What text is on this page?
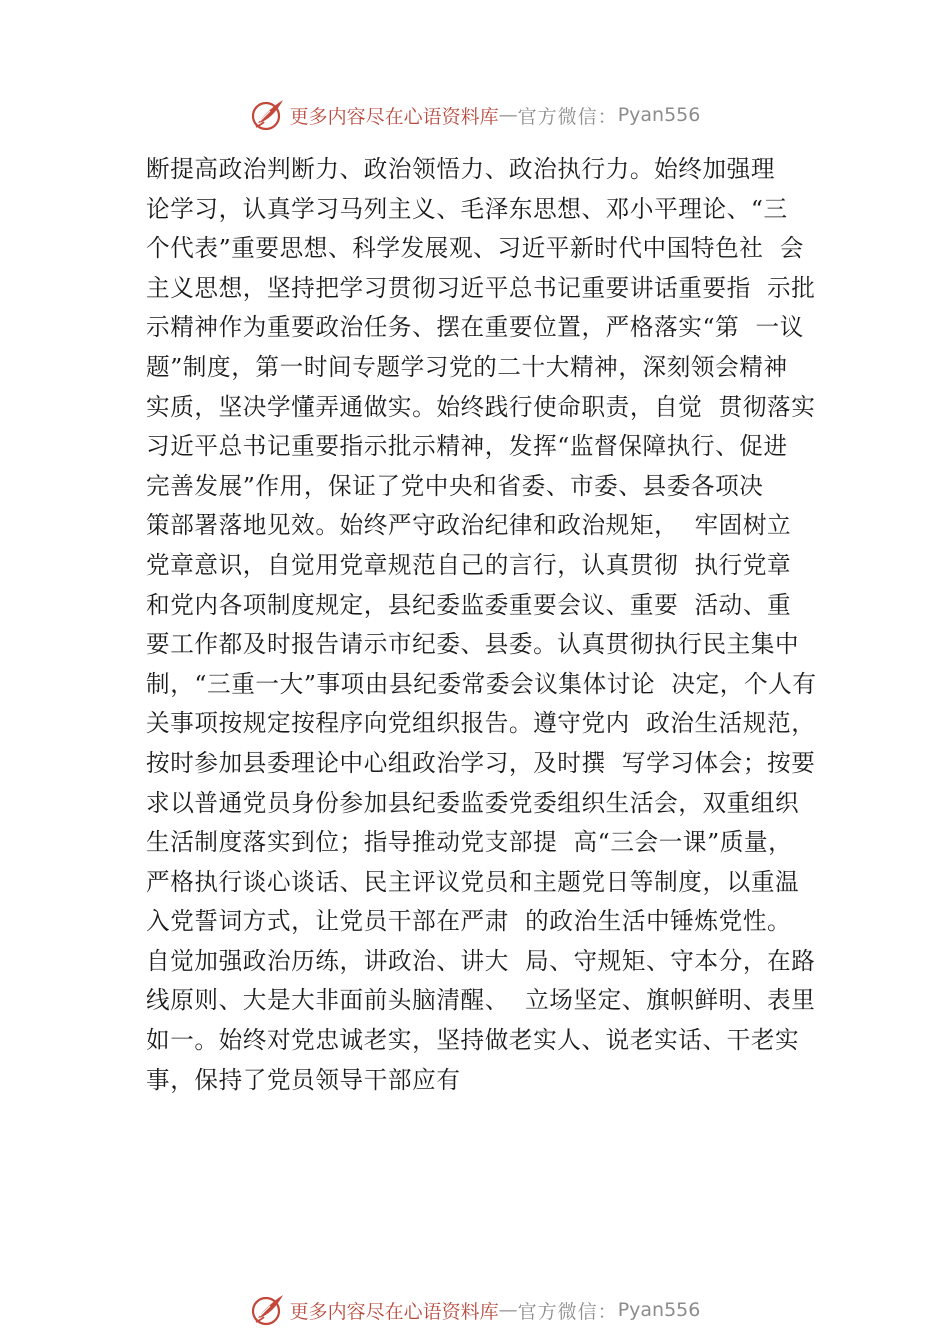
更多内容尽在心语资料库 — 官方微信： Pyan556
断提高政治判断力、政治领悟力、政治执行力。始终加强理
论学习，认真学习马列主义、毛泽东思想、邓小平理论、“三
个代表”重要思想、科学发展观、习近平新时代中国特色社  会
主义思想，坚持把学习贯彻习近平总书记重要讲话重要指  示批
示精神作为重要政治任务、摆在重要位置，严格落实“第  一议
题”制度，第一时间专题学习党的二十大精神，深刻领会精神
实质，坚决学懂弄通做实。始终践行使命职责，自觉  贯彻落实
习近平总书记重要指示批示精神，发挥“监督保障执行、促进
完善发展”作用，保证了党中央和省委、市委、县委各项决
策部署落地见效。始终严守政治纪律和政治规矩，  牢固树立
党章意识，自觉用党章规范自己的言行，认真贯彻  执行党章
和党内各项制度规定，县纪委监委重要会议、重要  活动、重
要工作都及时报告请示市纪委、县委。认真贯彻执行民主集中
制，“三重一大”事项由县纪委常委会议集体讨论  决定，个人有
关事项按规定按程序向党组织报告。遵守党内  政治生活规范，
按时参加县委理论中心组政治学习，及时撰  写学习体会；按要
求以普通党员身份参加县纪委监委党委组织生活会，双重组织
生活制度落实到位；指导推动党支部提  高“三会一课”质量，
严格执行谈心谈话、民主评议党员和主题党日等制度，以重温
入党誓词方式，让党员干部在严肃  的政治生活中锤炼党性。
自觉加强政治历练，讲政治、讲大  局、守规矩、守本分，在路
线原则、大是大非面前头脑清醒、  立场坚定、旗帜鲜明、表里
如一。始终对党忠诚老实，坚持做老实人、说老实话、干老实
事，保持了党员领导干部应有
更多内容尽在心语资料库 — 官方微信： Pyan556
